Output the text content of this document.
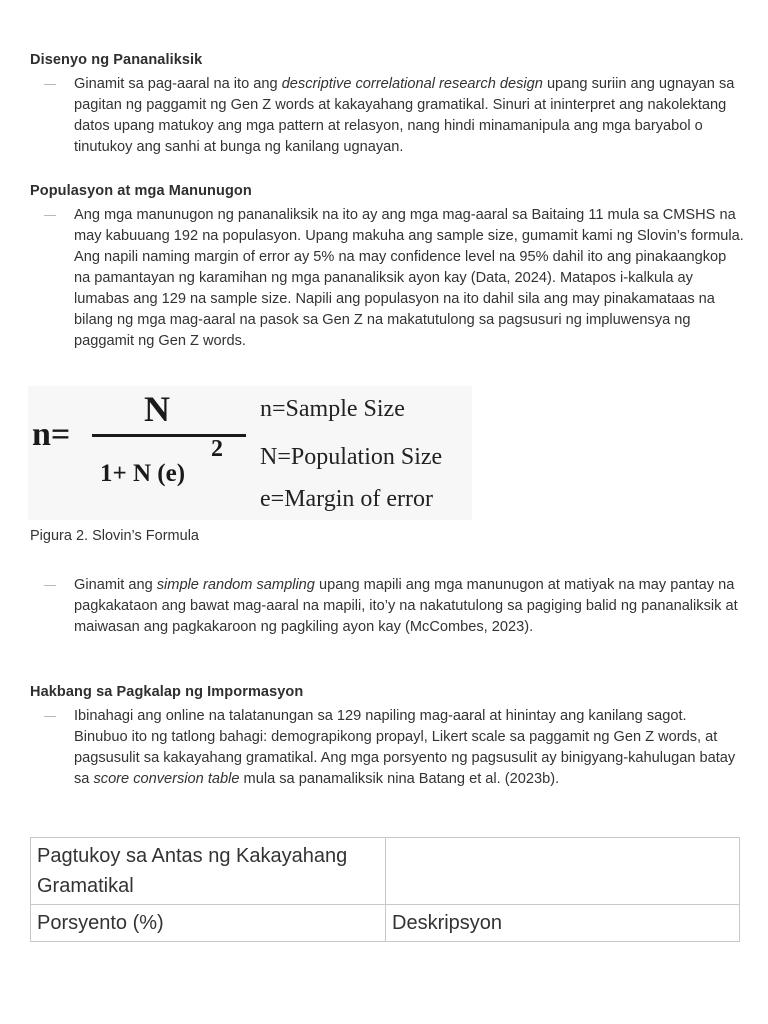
Disenyo ng Pananaliksik
Ginamit sa pag-aaral na ito ang descriptive correlational research design upang suriin ang ugnayan sa pagitan ng paggamit ng Gen Z words at kakayahang gramatikal. Sinuri at ininterpret ang nakolektang datos upang matukoy ang mga pattern at relasyon, nang hindi minamanipula ang mga baryabol o tinutukoy ang sanhi at bunga ng kanilang ugnayan.
Populasyon at mga Manunugon
Ang mga manunugon ng pananaliksik na ito ay ang mga mag-aaral sa Baitaing 11 mula sa CMSHS na may kabuuang 192 na populasyon. Upang makuha ang sample size, gumamit kami ng Slovin’s formula. Ang napili naming margin of error ay 5% na may confidence level na 95% dahil ito ang pinakaangkop na pamantayan ng karamihan ng mga pananaliksik ayon kay (Data, 2024). Matapos i-kalkula ay lumabas ang 129 na sample size. Napili ang populasyon na ito dahil sila ang may pinakamataas na bilang ng mga mag-aaral na pasok sa Gen Z na makatutulong sa pagsusuri ng impluwensya ng paggamit ng Gen Z words.
n=
N
1+ N (e)
2
n=Sample Size
N=Population Size
e=Margin of error
Pigura 2. Slovin’s Formula
Ginamit ang simple random sampling upang mapili ang mga manunugon at matiyak na may pantay na pagkakataon ang bawat mag-aaral na mapili, ito’y na nakatutulong sa pagiging balid ng pananaliksik at maiwasan ang pagkakaroon ng pagkiling ayon kay (McCombes, 2023).
Hakbang sa Pagkalap ng Impormasyon
Ibinahagi ang online na talatanungan sa 129 napiling mag-aaral at hinintay ang kanilang sagot. Binubuo ito ng tatlong bahagi: demograpikong propayl, Likert scale sa paggamit ng Gen Z words, at pagsusulit sa kakayahang gramatikal. Ang mga porsyento ng pagsusulit ay binigyang-kahulugan batay sa score conversion table mula sa panamaliksik nina Batang et al. (2023b).
Pagtukoy sa Antas ng Kakayahang Gramatikal	
Porsyento (%)	Deskripsyon
